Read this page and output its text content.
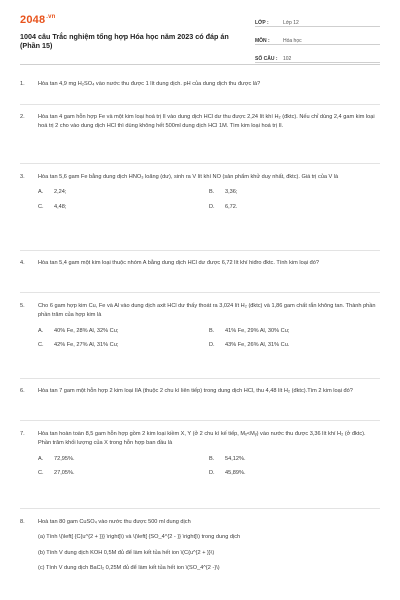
$2048^{.vn}$
1004 câu Trắc nghiệm tổng hợp Hóa học năm 2023 có đáp án (Phần 15)
LỚP :	Lớp 12
MÔN :	Hóa học
SỐ CÂU :	102
1.	Hòa tan 4,9 mg H₂SO₄ vào nước thu được 1 lít dung dịch. pH của dung dịch thu được là?
2.	Hòa tan 4 gam hỗn hợp Fe và một kim loại hoá trị II vào dung dịch HCl dư thu được 2,24 lít khí H₂ (đktc). Nếu chỉ dùng 2,4 gam kim loại hoá trị 2 cho vào dung dịch HCl thì dùng không hết 500ml dung dịch HCl 1M. Tìm kim loại hoá trị II.
3.	Hòa tan 5,6 gam Fe bằng dung dịch HNO₃ loãng (dư), sinh ra V lít khí NO (sản phẩm khử duy nhất, đktc). Giá trị của V là
A.	2,24;	B.	3,36;
C.	4,48;	D.	6,72.
4.	Hòa tan 5,4 gam một kim loại thuộc nhóm A bằng dung dịch HCl dư được 6,72 lít khí hiđro đktc. Tính kim loại đó?
5.	Cho 6 gam hợp kim Cu, Fe và Al vào dung dịch axit HCl dư thấy thoát ra 3,024 lít H₂ (đktc) và 1,86 gam chất rắn không tan. Thành phần phần trăm của hợp kim là
A.	40% Fe, 28% Al, 32% Cu;	B.	41% Fe, 29% Al, 30% Cu;
C.	42% Fe, 27% Al, 31% Cu;	D.	43% Fe, 26% Al, 31% Cu.
6.	Hòa tan 7 gam một hỗn hợp 2 kim loại IIA (thuộc 2 chu kì liên tiếp) trong dung dịch HCl, thu 4,48 lít H₂ (đktc).Tìm 2 kim loại đó?
7.	Hòa tan hoàn toàn 8,5 gam hỗn hợp gồm 2 kim loại kiềm X, Y (ở 2 chu kì kế tiếp, Mₓ<Mᵧ) vào nước thu được 3,36 lít khí H₂ (ở đktc). Phần trăm khối lượng của X trong hỗn hợp ban đầu là
A.	72,95%.	B.	54,12%.
C.	27,05%.	D.	45,89%.
8.	Hoà tan 80 gam CuSO₄ vào nước thu được 500 ml dung dịch
(a) Tính \(\left[ {C{u^{2 + }}} \right]\) và \(\left[ {SO_4^{2 - }} \right]\) trong dung dịch
(b) Tính V dung dịch KOH 0,5M đủ để làm kết tủa hết ion \(C{u^{2 + }}\)
(c) Tính V dung dịch BaCl₂ 0,25M đủ để làm kết tủa hết ion \(SO_4^{2 -}\)
